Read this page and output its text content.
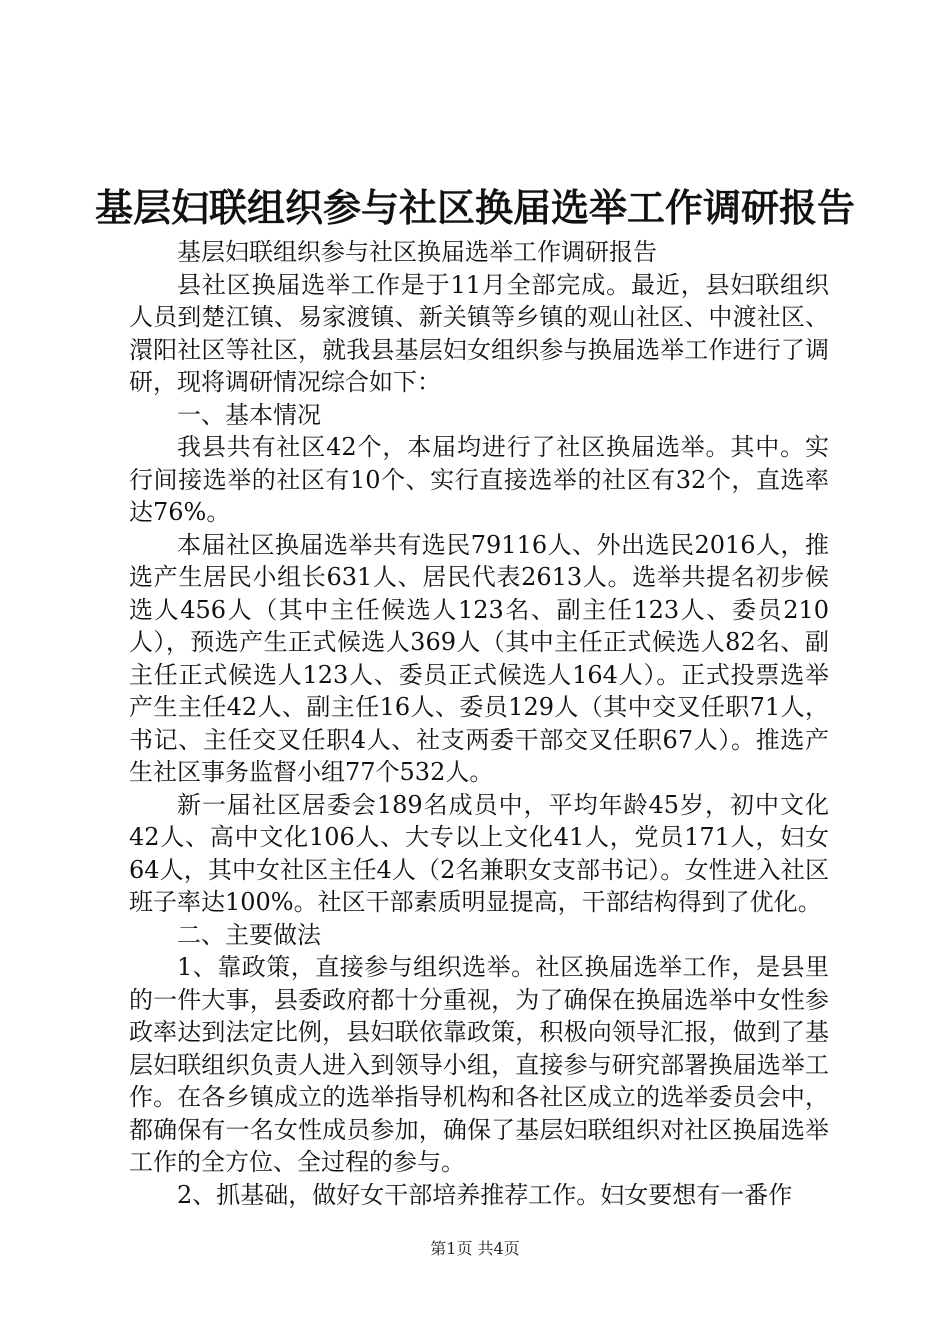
基层妇联组织参与社区换届选举工作调研报告

基层妇联组织参与社区换届选举工作调研报告

县社区换届选举工作是于11月全部完成。最近，县妇联组织人员到楚江镇、易家渡镇、新关镇等乡镇的观山社区、中渡社区、澴阳社区等社区，就我县基层妇女组织参与换届选举工作进行了调研，现将调研情况综合如下：

一、基本情况

我县共有社区42个，本届均进行了社区换届选举。其中。实行间接选举的社区有10个、实行直接选举的社区有32个，直选率达76%。

本届社区换届选举共有选民79116人、外出选民2016人，推选产生居民小组长631人、居民代表2613人。选举共提名初步候选人456人（其中主任候选人123名、副主任123人、委员210人），预选产生正式候选人369人（其中主任正式候选人82名、副主任正式候选人123人、委员正式候选人164人）。正式投票选举产生主任42人、副主任16人、委员129人（其中交叉任职71人，书记、主任交叉任职4人、社支两委干部交叉任职67人）。推选产生社区事务监督小组77个532人。

新一届社区居委会189名成员中，平均年龄45岁，初中文化42人、高中文化106人、大专以上文化41人，党员171人，妇女64人，其中女社区主任4人（2名兼职女支部书记）。女性进入社区班子率达100%。社区干部素质明显提高，干部结构得到了优化。

二、主要做法

1、靠政策，直接参与组织选举。社区换届选举工作，是县里的一件大事，县委政府都十分重视，为了确保在换届选举中女性参政率达到法定比例，县妇联依靠政策，积极向领导汇报，做到了基层妇联组织负责人进入到领导小组，直接参与研究部署换届选举工作。在各乡镇成立的选举指导机构和各社区成立的选举委员会中，都确保有一名女性成员参加，确保了基层妇联组织对社区换届选举工作的全方位、全过程的参与。

2、抓基础，做好女干部培养推荐工作。妇女要想有一番作

第1页 共4页
